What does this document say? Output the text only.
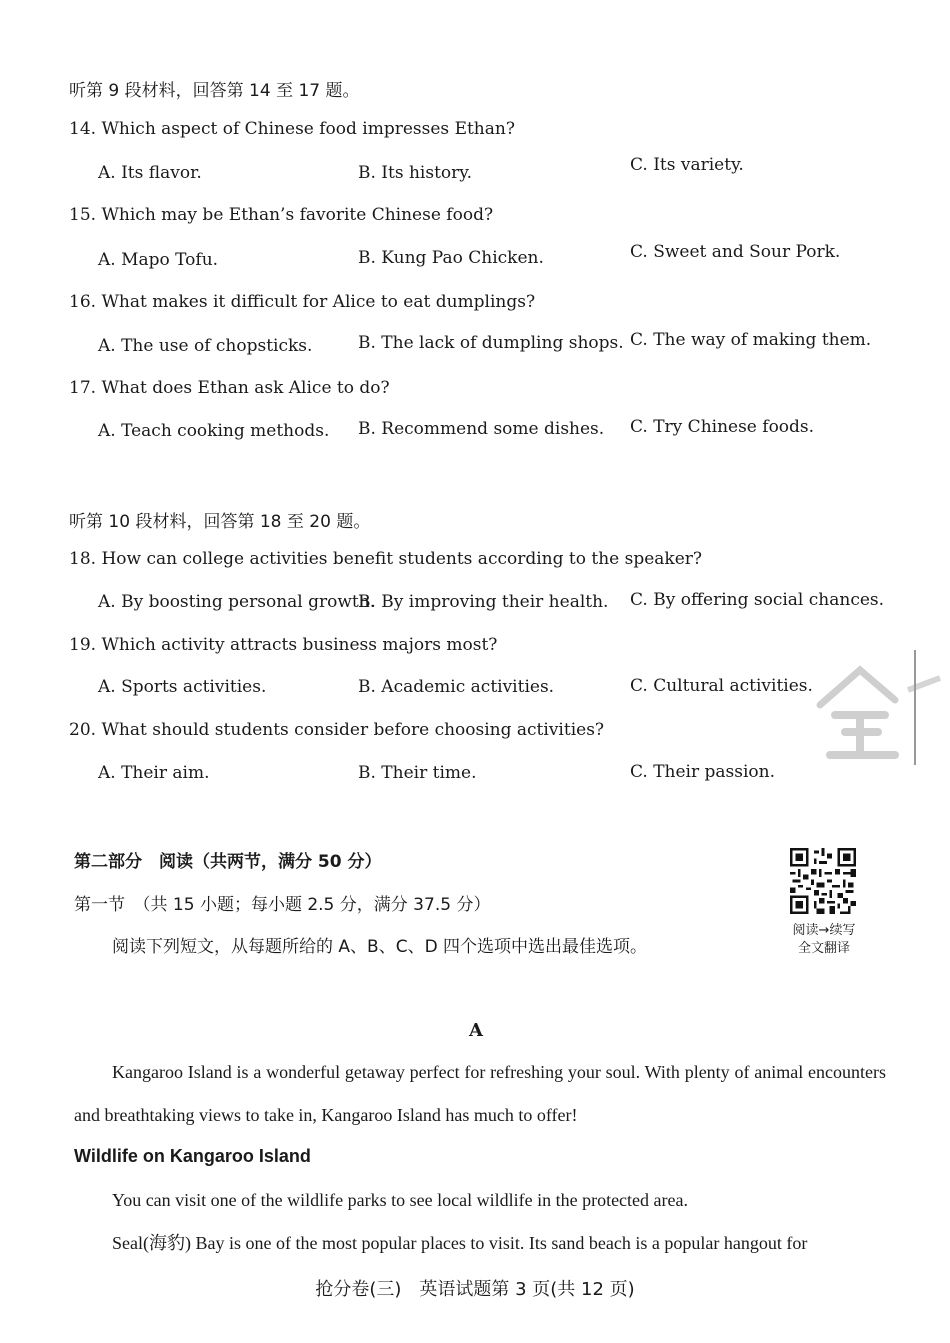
听第 9 段材料，回答第 14 至 17 题。
14. Which aspect of Chinese food impresses Ethan?
A. Its flavor.	B. Its history.	C. Its variety.
15. Which may be Ethan’s favorite Chinese food?
A. Mapo Tofu.	B. Kung Pao Chicken.	C. Sweet and Sour Pork.
16. What makes it difficult for Alice to eat dumplings?
A. The use of chopsticks.	B. The lack of dumpling shops. C. The way of making them.
17. What does Ethan ask Alice to do?
A. Teach cooking methods. B. Recommend some dishes. C. Try Chinese foods.
听第 10 段材料，回答第 18 至 20 题。
18. How can college activities benefit students according to the speaker?
A. By boosting personal growth.
B. By improving their health. C. By offering social chances.
19. Which activity attracts business majors most?
A. Sports activities.	B. Academic activities.	C. Cultural activities.
20. What should students consider before choosing activities?
A. Their aim.	B. Their time.	C. Their passion.
第二部分　阅读（共两节，满分 50 分）
第一节　（共 15 小题；每小题 2.5 分，满分 37.5 分）
阅读下列短文，从每题所给的 A、B、C、D 四个选项中选出最佳选项。
阅读→续写
全文翻译
A
Kangaroo Island is a wonderful getaway perfect for refreshing your soul. With plenty of animal encounters and breathtaking views to take in, Kangaroo Island has much to offer!
Wildlife on Kangaroo Island
You can visit one of the wildlife parks to see local wildlife in the protected area.
Seal(海豹) Bay is one of the most popular places to visit. Its sand beach is a popular hangout for
抢分卷(三)　英语试题第 3 页(共 12 页)
